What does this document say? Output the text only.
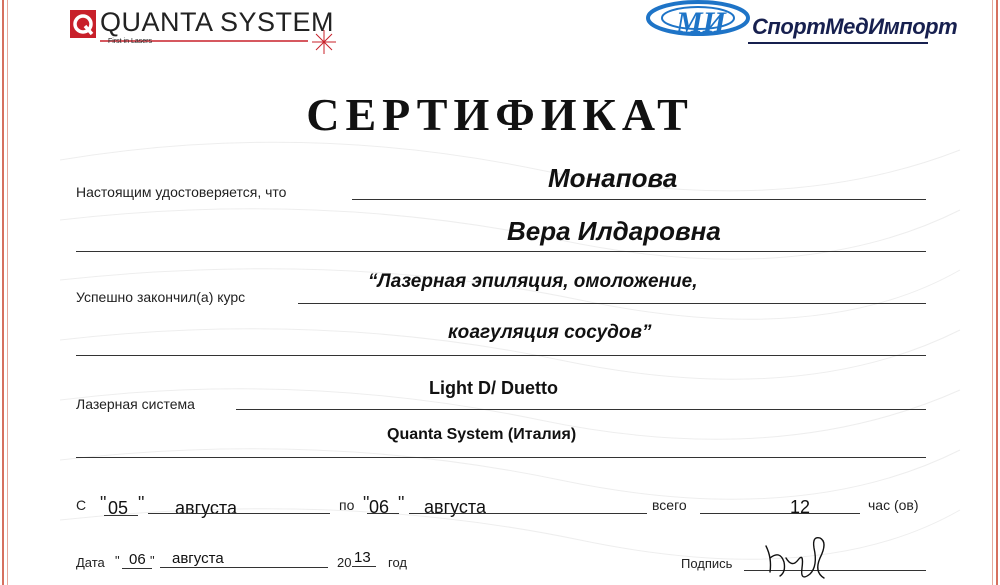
QUANTA SYSTEM
First in Lasers
МИ СпортМедИмпорт
СЕРТИФИКАТ
Настоящим удостоверяется, что	Монапова
Вера Илдаровна
Успешно закончил(а) курс
“Лазерная эпиляция, омоложение,
коагуляция сосудов”
Лазерная система
Light D/ Duetto
Quanta System (Италия)
С " 05 " августа	по " 06 " августа	всего	12	час (ов)
Дата " 06 " августа	20 13 год	Подпись
